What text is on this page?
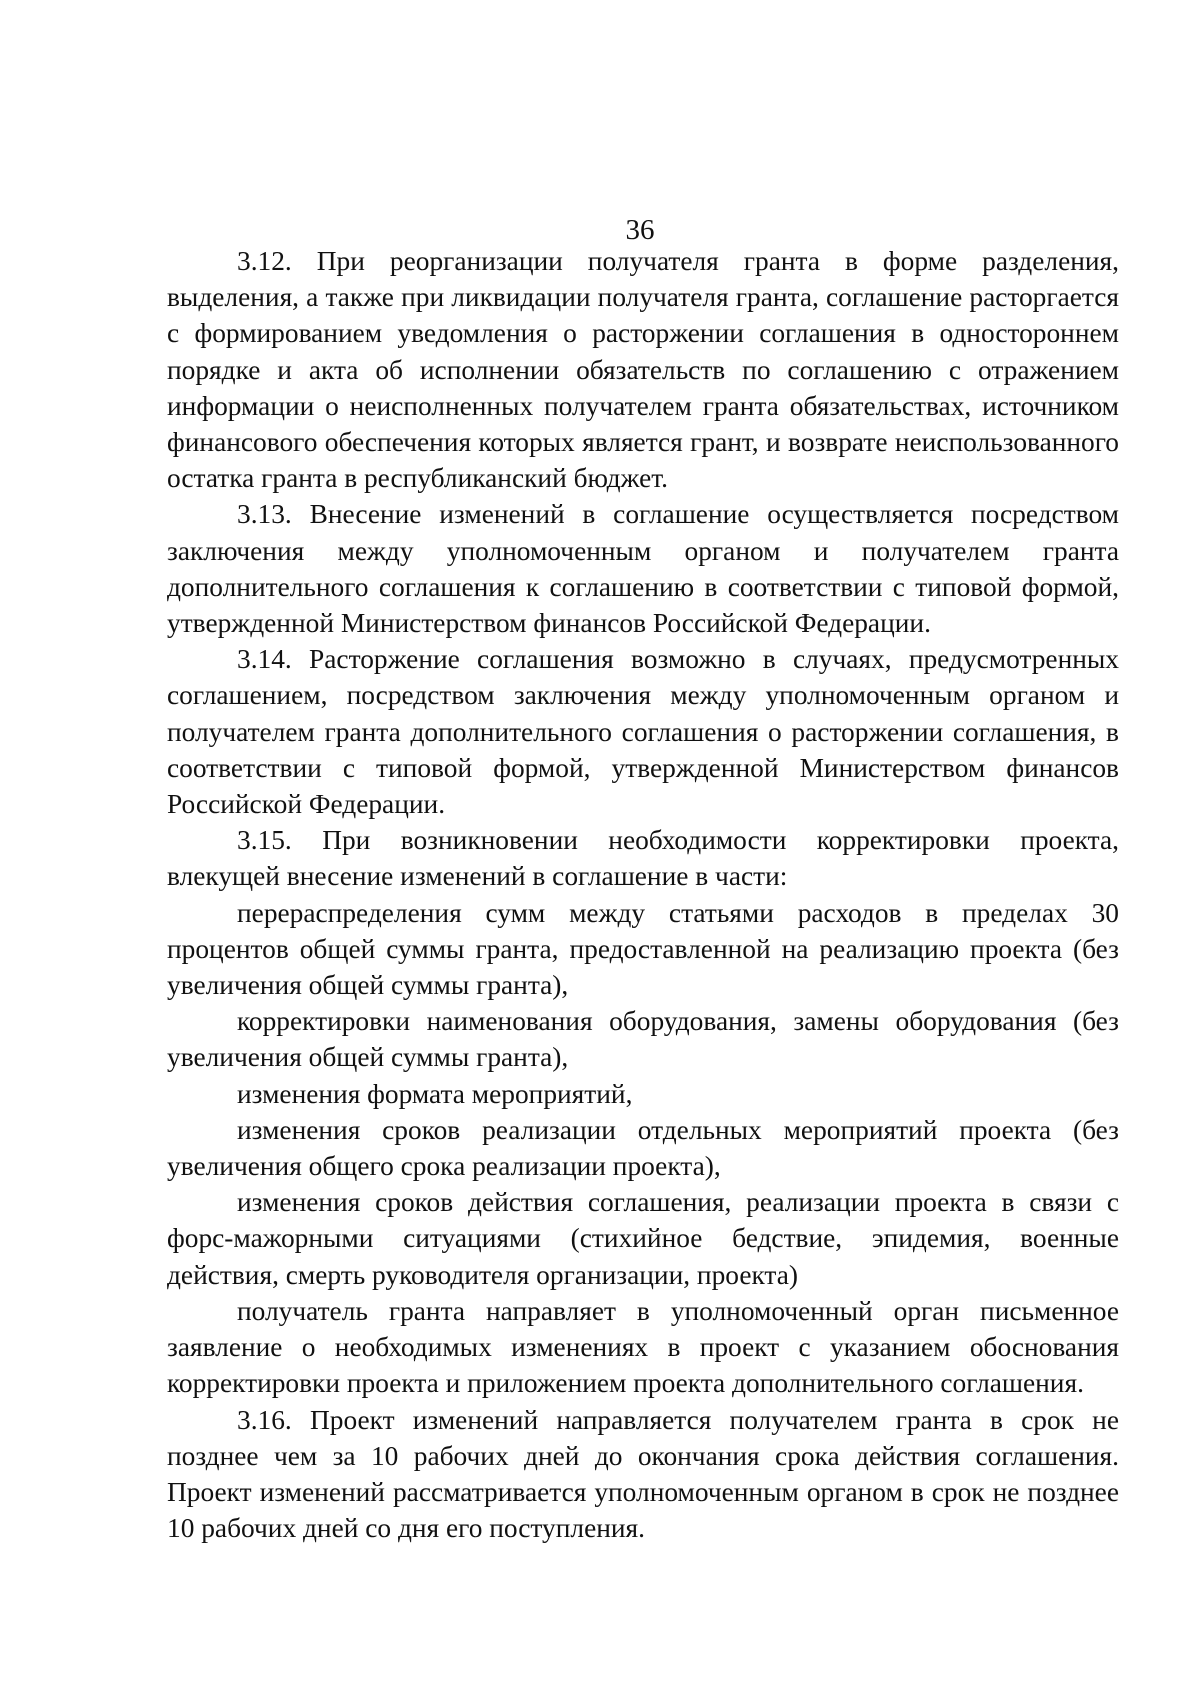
36

3.12. При реорганизации получателя гранта в форме разделения, выделения, а также при ликвидации получателя гранта, соглашение расторгается с формированием уведомления о расторжении соглашения в одностороннем порядке и акта об исполнении обязательств по соглашению с отражением информации о неисполненных получателем гранта обязательствах, источником финансового обеспечения которых является грант, и возврате неиспользованного остатка гранта в республиканский бюджет.

3.13. Внесение изменений в соглашение осуществляется посредством заключения между уполномоченным органом и получателем гранта дополнительного соглашения к соглашению в соответствии с типовой формой, утвержденной Министерством финансов Российской Федерации.

3.14. Расторжение соглашения возможно в случаях, предусмотренных соглашением, посредством заключения между уполномоченным органом и получателем гранта дополнительного соглашения о расторжении соглашения, в соответствии с типовой формой, утвержденной Министерством финансов Российской Федерации.

3.15. При возникновении необходимости корректировки проекта, влекущей внесение изменений в соглашение в части:

перераспределения сумм между статьями расходов в пределах 30 процентов общей суммы гранта, предоставленной на реализацию проекта (без увеличения общей суммы гранта),

корректировки наименования оборудования, замены оборудования (без увеличения общей суммы гранта),

изменения формата мероприятий,

изменения сроков реализации отдельных мероприятий проекта (без увеличения общего срока реализации проекта),

изменения сроков действия соглашения, реализации проекта в связи с форс-мажорными ситуациями (стихийное бедствие, эпидемия, военные действия, смерть руководителя организации, проекта)

получатель гранта направляет в уполномоченный орган письменное заявление о необходимых изменениях в проект с указанием обоснования корректировки проекта и приложением проекта дополнительного соглашения.

3.16. Проект изменений направляется получателем гранта в срок не позднее чем за 10 рабочих дней до окончания срока действия соглашения. Проект изменений рассматривается уполномоченным органом в срок не позднее 10 рабочих дней со дня его поступления.
